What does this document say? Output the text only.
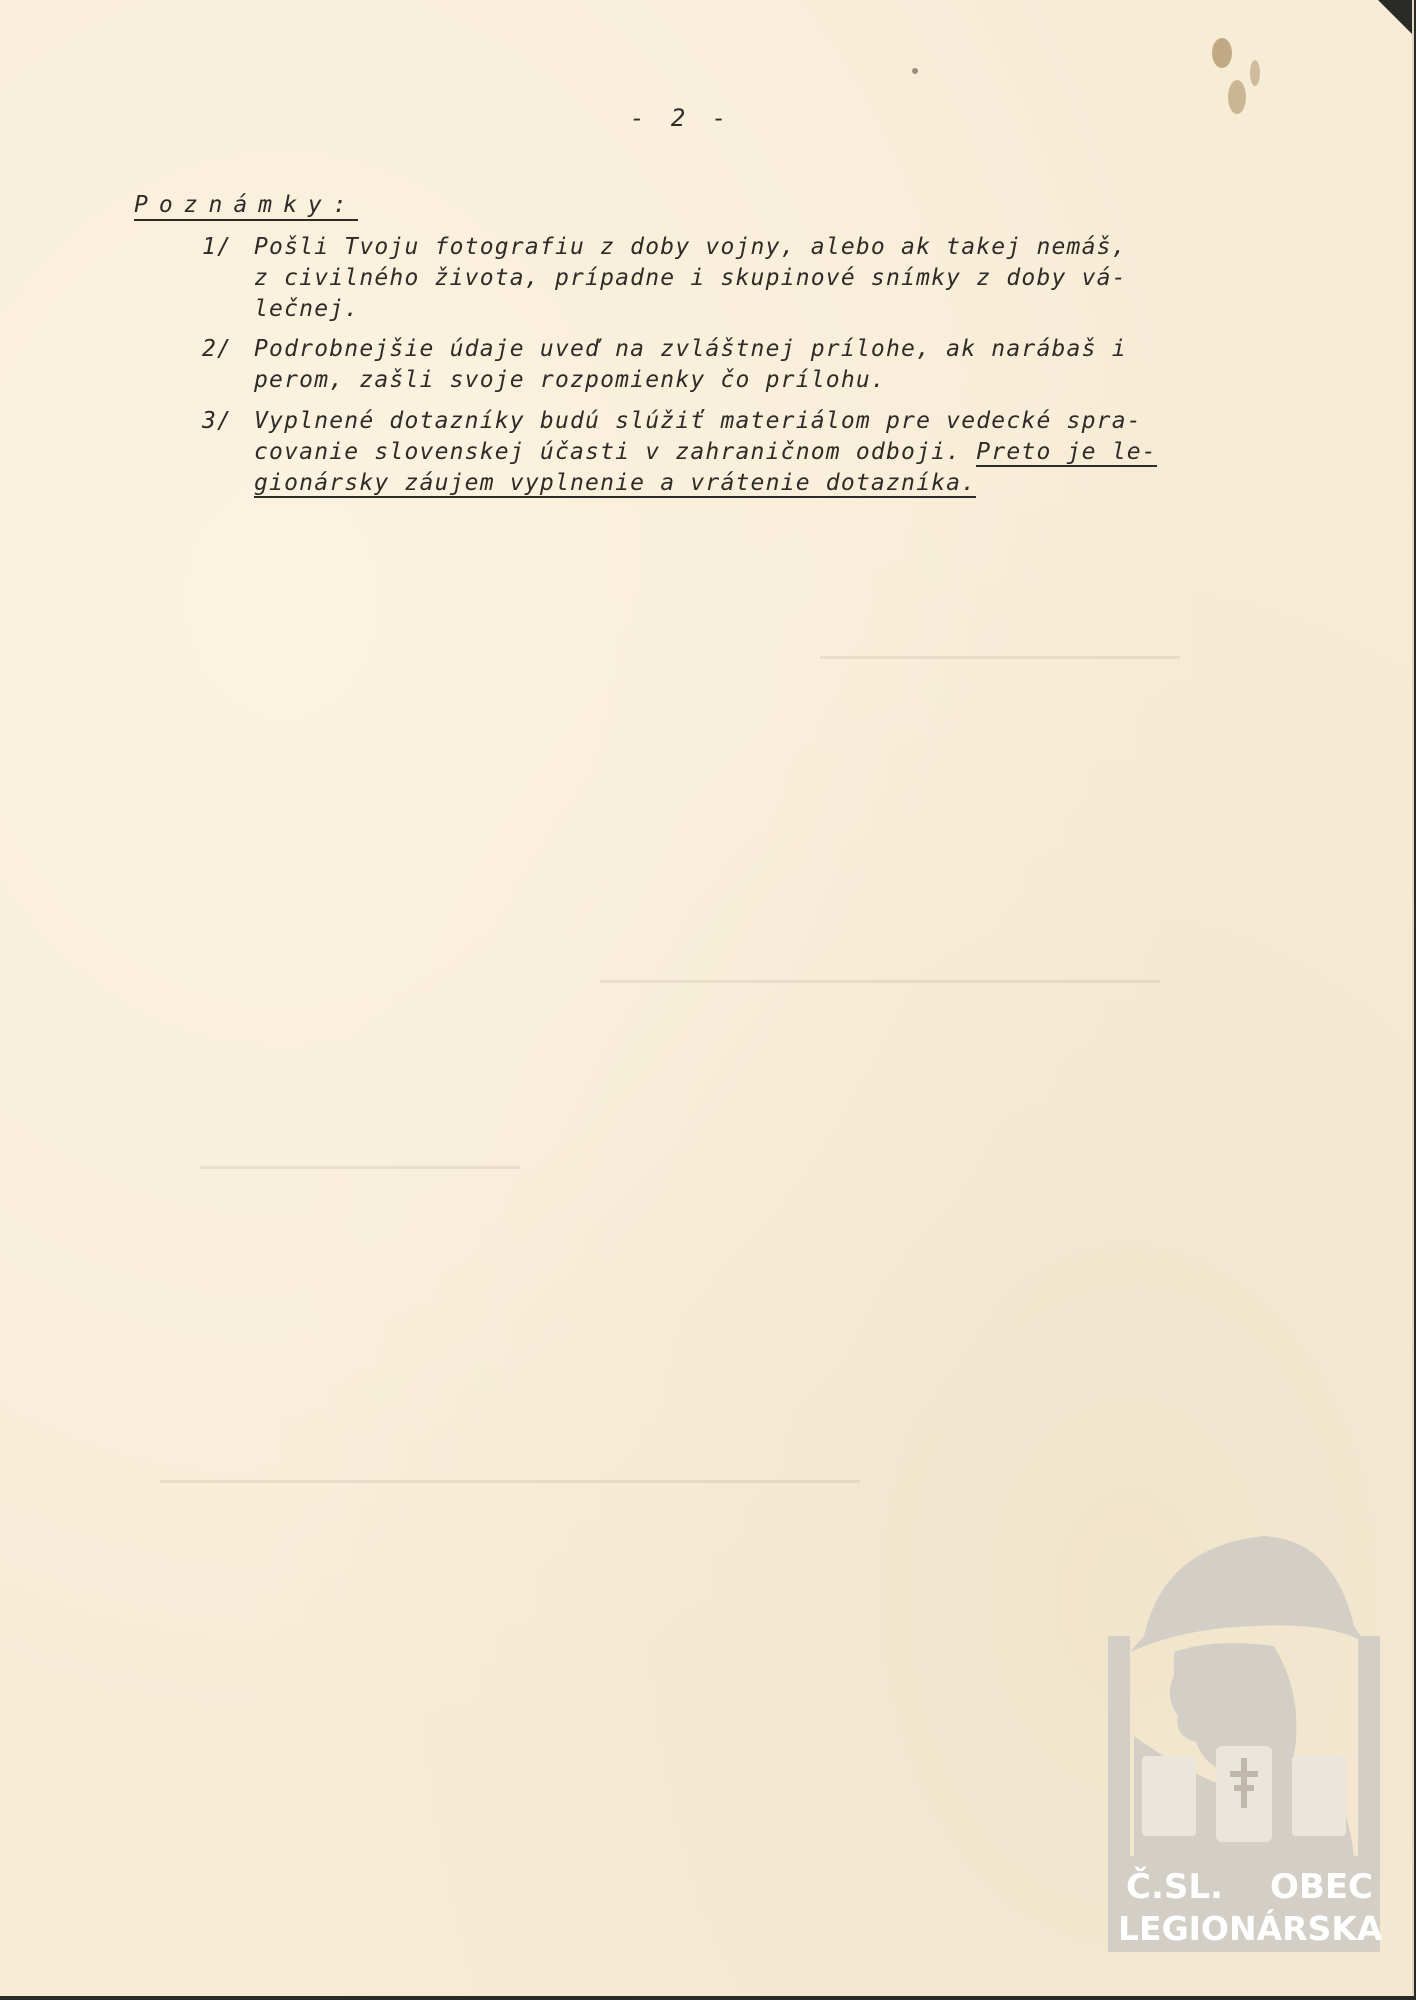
- 2 -
Poznámky:
1/ Pošli Tvoju fotografiu z doby vojny, alebo ak takej nemáš,
z civilného života, prípadne i skupinové snímky z doby vá-
lečnej.
2/ Podrobnejšie údaje uveď na zvláštnej prílohe, ak narábaš i
perom, zašli svoje rozpomienky čo prílohu.
3/ Vyplnené dotazníky budú slúžiť materiálom pre vedecké spra-
covanie slovenskej účasti v zahraničnom odboji. Preto je le-
gionársky záujem vyplnenie a vrátenie dotazníka.
Č.SL. OBEC
LEGIONÁRSKA
